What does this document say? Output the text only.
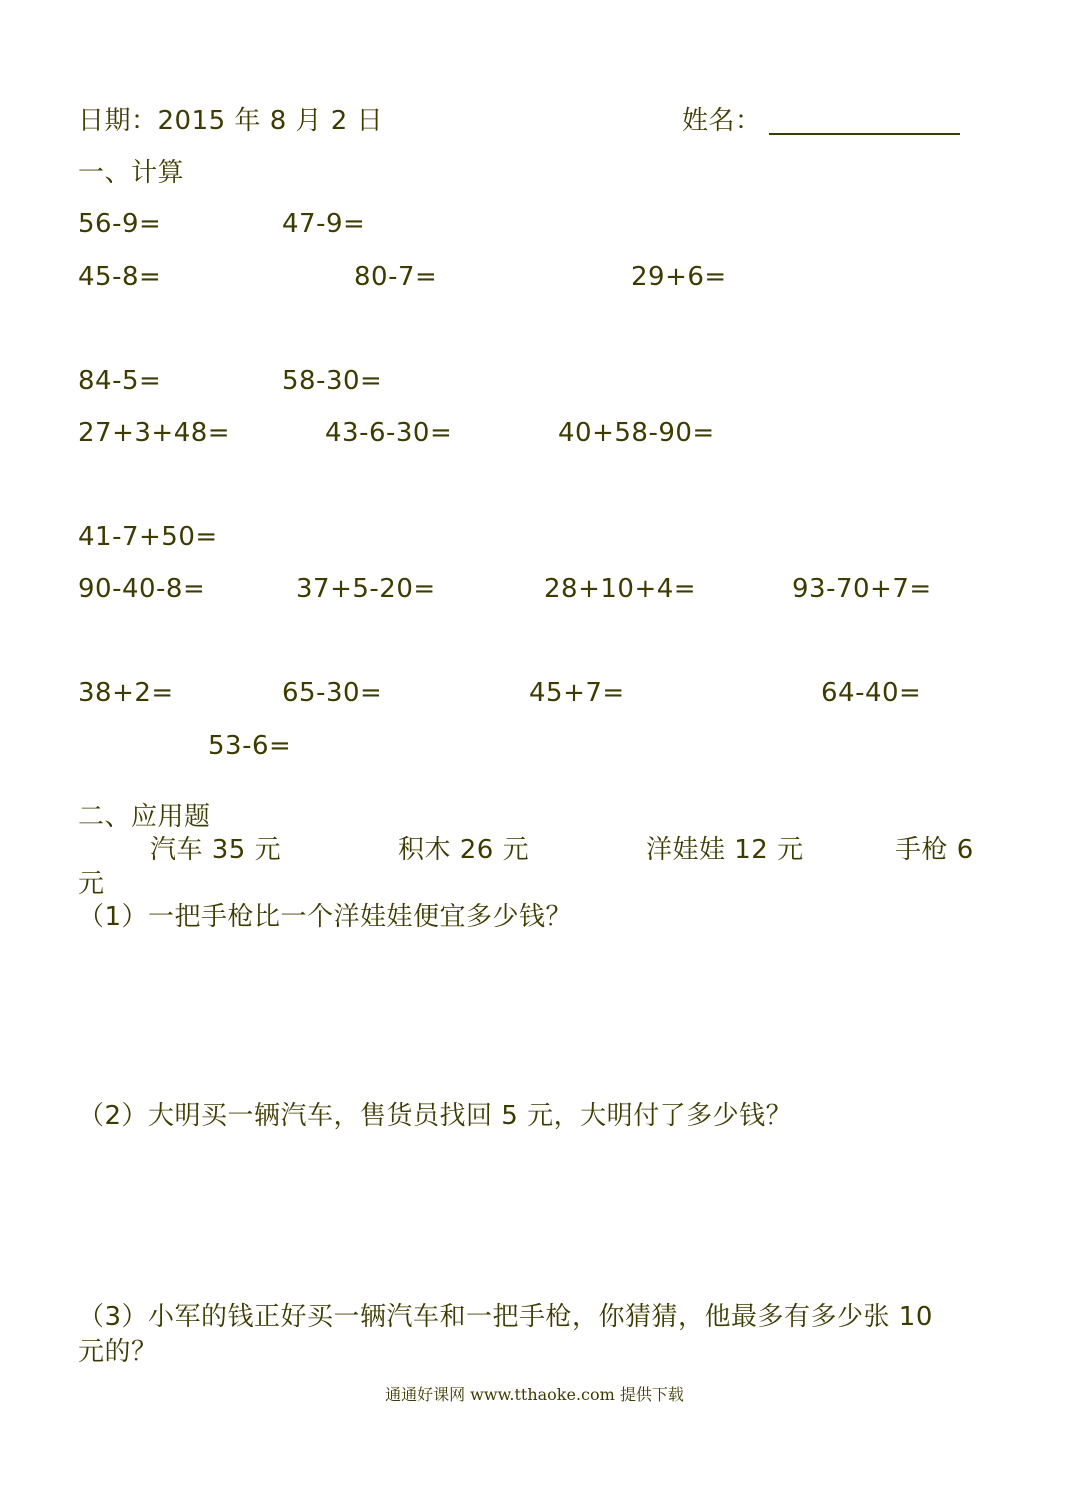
日期：2015 年 8 月 2 日	姓名：
一、计算
56-9=	47-9=
45-8=	80-7=	29+6=
84-5=	58-30=
27+3+48=	43-6-30=	40+58-90=
41-7+50=
90-40-8=	37+5-20=	28+10+4=	93-70+7=
38+2=	65-30=	45+7=	64-40=
53-6=
二、应用题
汽车 35 元	积木 26 元	洋娃娃 12 元	手枪 6
元
（1）一把手枪比一个洋娃娃便宜多少钱？
（2）大明买一辆汽车，售货员找回 5 元，大明付了多少钱？
（3）小军的钱正好买一辆汽车和一把手枪，你猜猜，他最多有多少张 10
元的？
通通好课网 www.tthaoke.com 提供下载
